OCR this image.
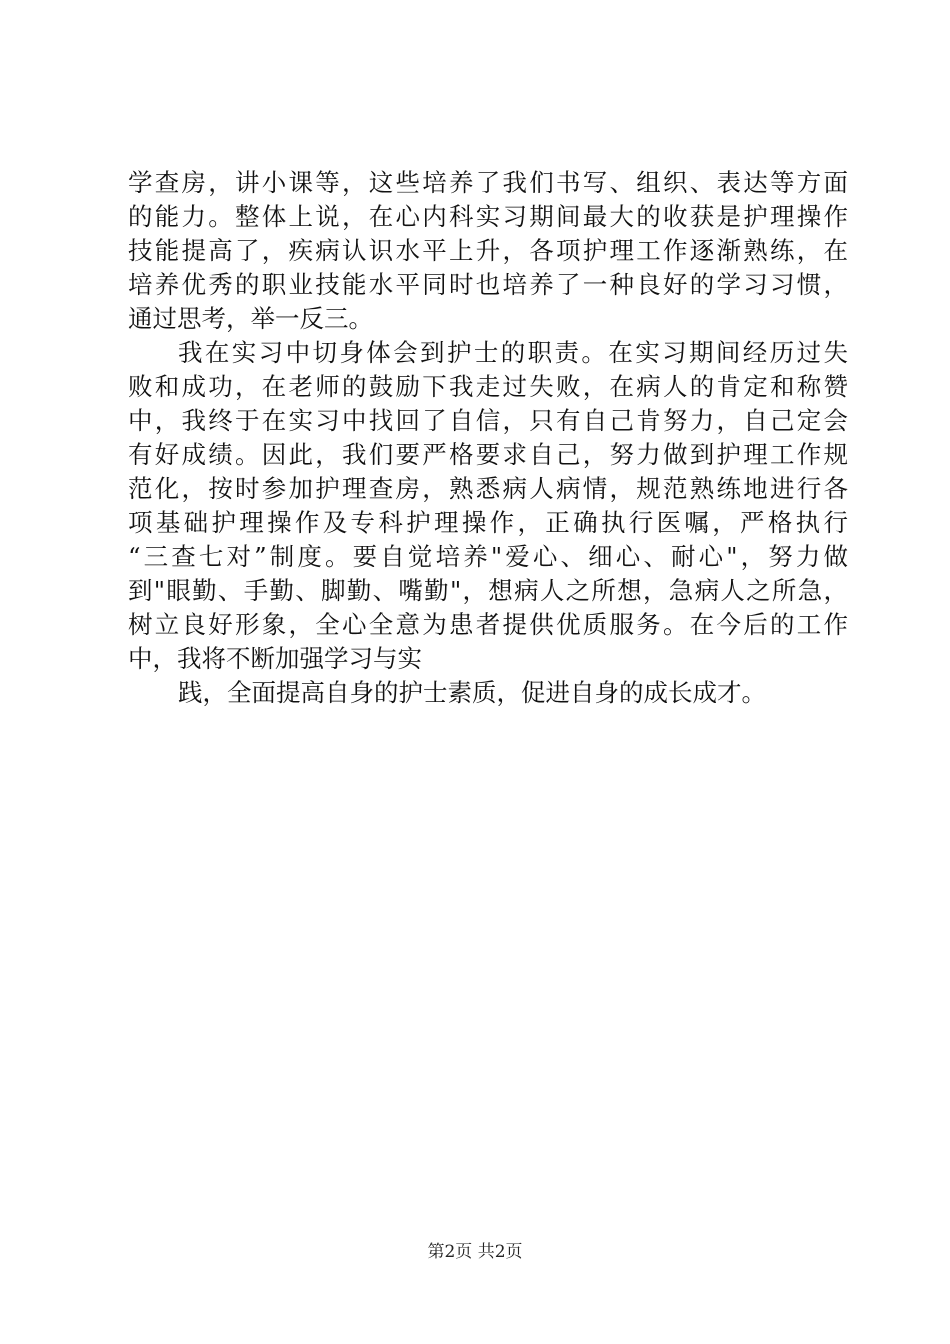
学查房，讲小课等，这些培养了我们书写、组织、表达等方面
的能力。整体上说，在心内科实习期间最大的收获是护理操作
技能提高了，疾病认识水平上升，各项护理工作逐渐熟练，在
培养优秀的职业技能水平同时也培养了一种良好的学习习惯，
通过思考，举一反三。
我在实习中切身体会到护士的职责。在实习期间经历过失
败和成功，在老师的鼓励下我走过失败，在病人的肯定和称赞
中，我终于在实习中找回了自信，只有自己肯努力，自己定会
有好成绩。因此，我们要严格要求自己，努力做到护理工作规
范化，按时参加护理查房，熟悉病人病情，规范熟练地进行各
项基础护理操作及专科护理操作，正确执行医嘱，严格执行
“三查七对”制度。要自觉培养"爱心、细心、耐心"，努力做
到"眼勤、手勤、脚勤、嘴勤"，想病人之所想，急病人之所急，
树立良好形象，全心全意为患者提供优质服务。在今后的工作
中，我将不断加强学习与实
践，全面提高自身的护士素质，促进自身的成长成才。
第2页 共2页
